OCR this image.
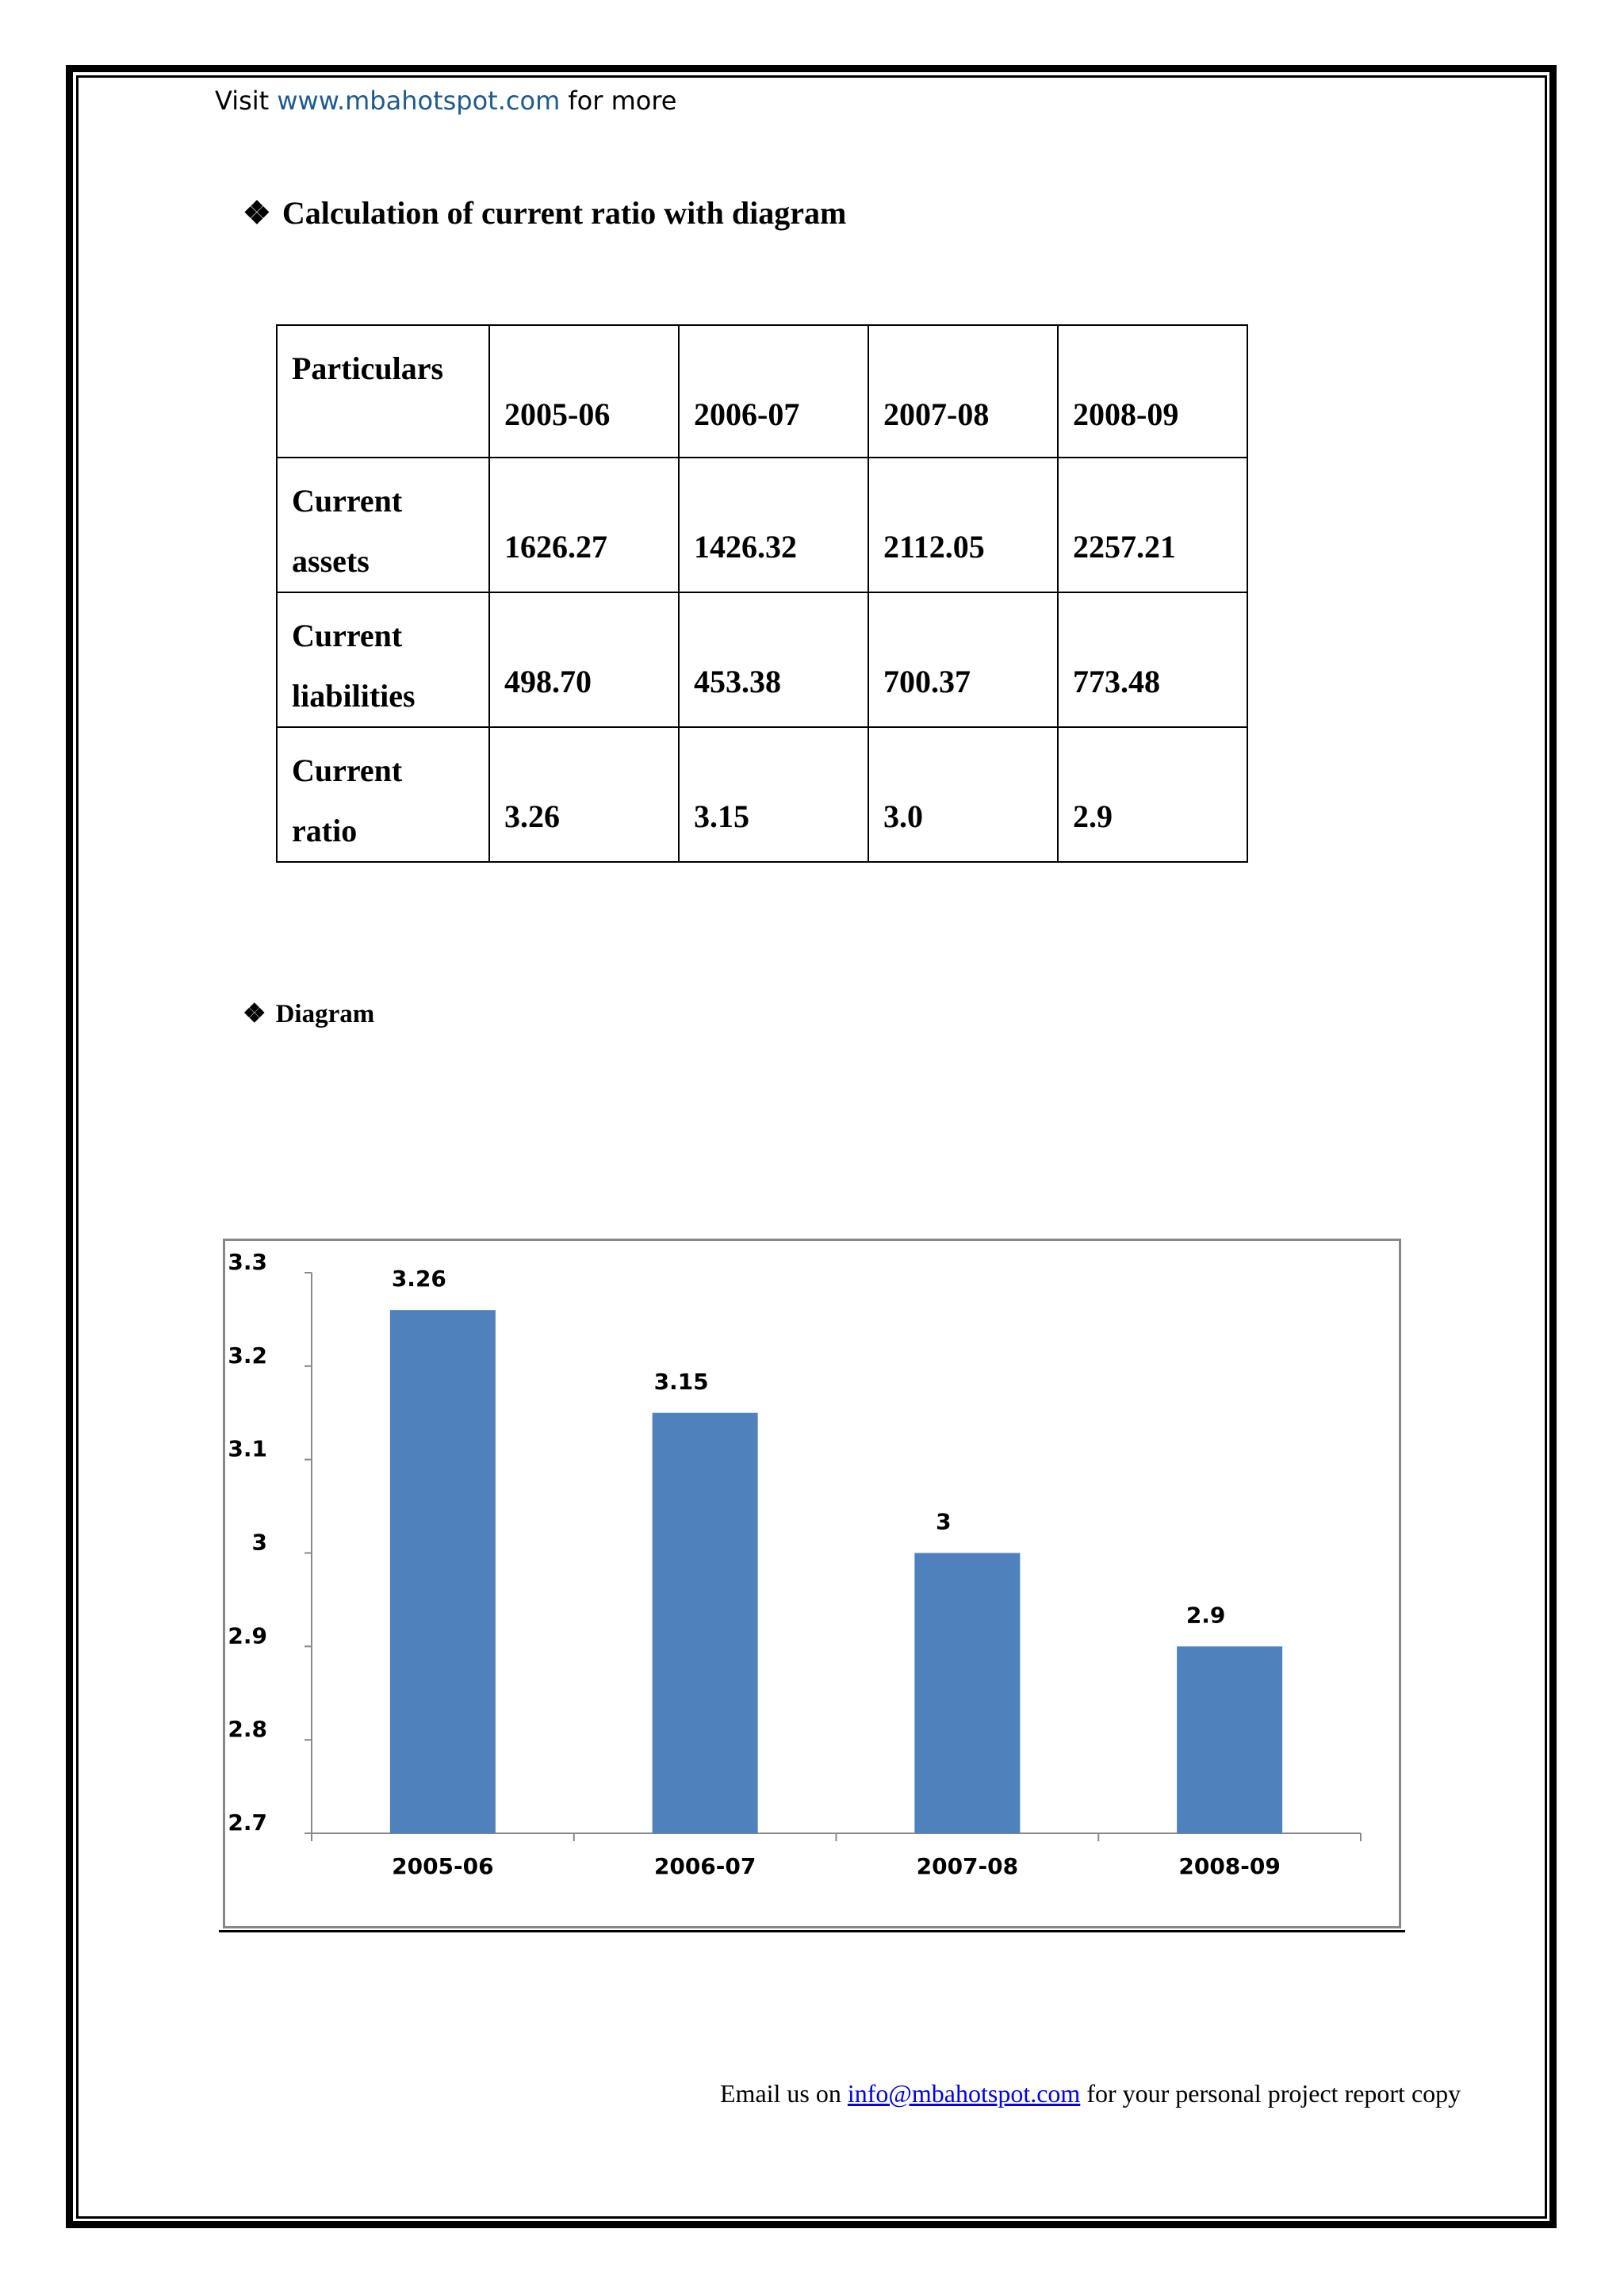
Visit www.mbahotspot.com for more
❖ Calculation of current ratio with diagram
Particulars	2005-06	2006-07	2007-08	2008-09

Current
assets	1626.27	1426.32	2112.05	2257.21

Current
liabilities	498.70	453.38	700.37	773.48

Current
ratio	3.26	3.15	3.0	2.9
❖ Diagram
3.3
3.2
3.1
3
2.9
2.8
2.7
3.26
2005-06
3.15
2006-07
3
2007-08
2.9
2008-09
Email us on info@mbahotspot.com for your personal project report copy
